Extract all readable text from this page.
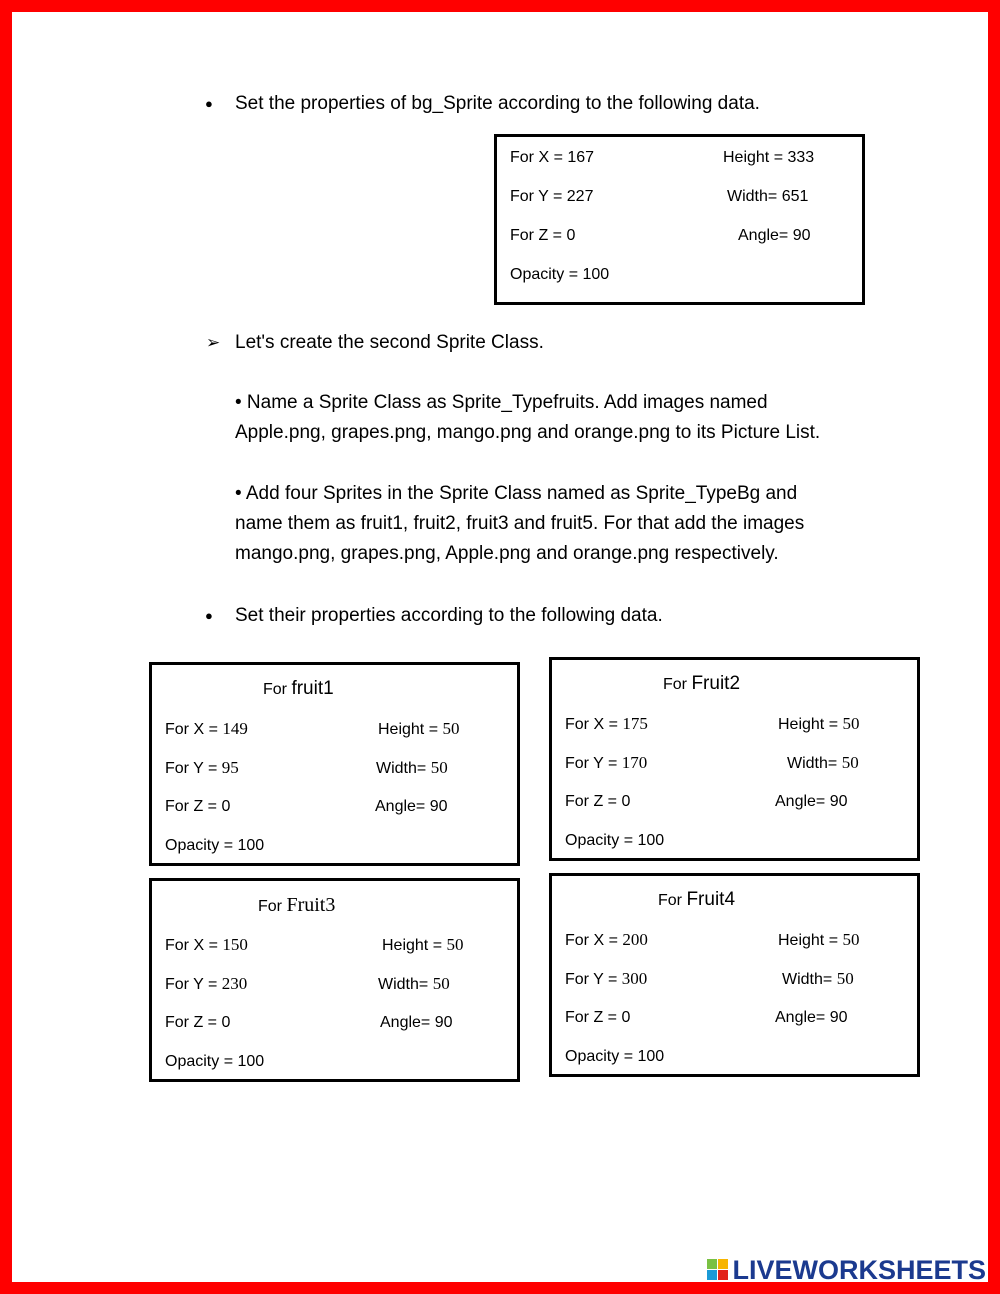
● Set the properties of bg_Sprite according to the following data.
For X = 167
For Y = 227
For Z = 0
Opacity = 100
Height = 333
Width= 651
Angle= 90
➢ Let's create the second Sprite Class.
• Name a Sprite Class as Sprite_Typefruits. Add images named
Apple.png, grapes.png, mango.png and orange.png to its Picture List.
• Add four Sprites in the Sprite Class named as Sprite_TypeBg and
name them as fruit1, fruit2, fruit3 and fruit5. For that add the images
mango.png, grapes.png, Apple.png and orange.png respectively.
● Set their properties according to the following data.
For fruit1
For X = 149
For Y = 95
For Z = 0
Opacity = 100
Height = 50
Width= 50
Angle= 90
For Fruit2
For X = 175
For Y = 170
For Z = 0
Opacity = 100
Height = 50
Width= 50
Angle= 90
For Fruit3
For X = 150
For Y = 230
For Z = 0
Opacity = 100
Height = 50
Width= 50
Angle= 90
For Fruit4
For X = 200
For Y = 300
For Z = 0
Opacity = 100
Height = 50
Width= 50
Angle= 90
LIVEWORKSHEETS
